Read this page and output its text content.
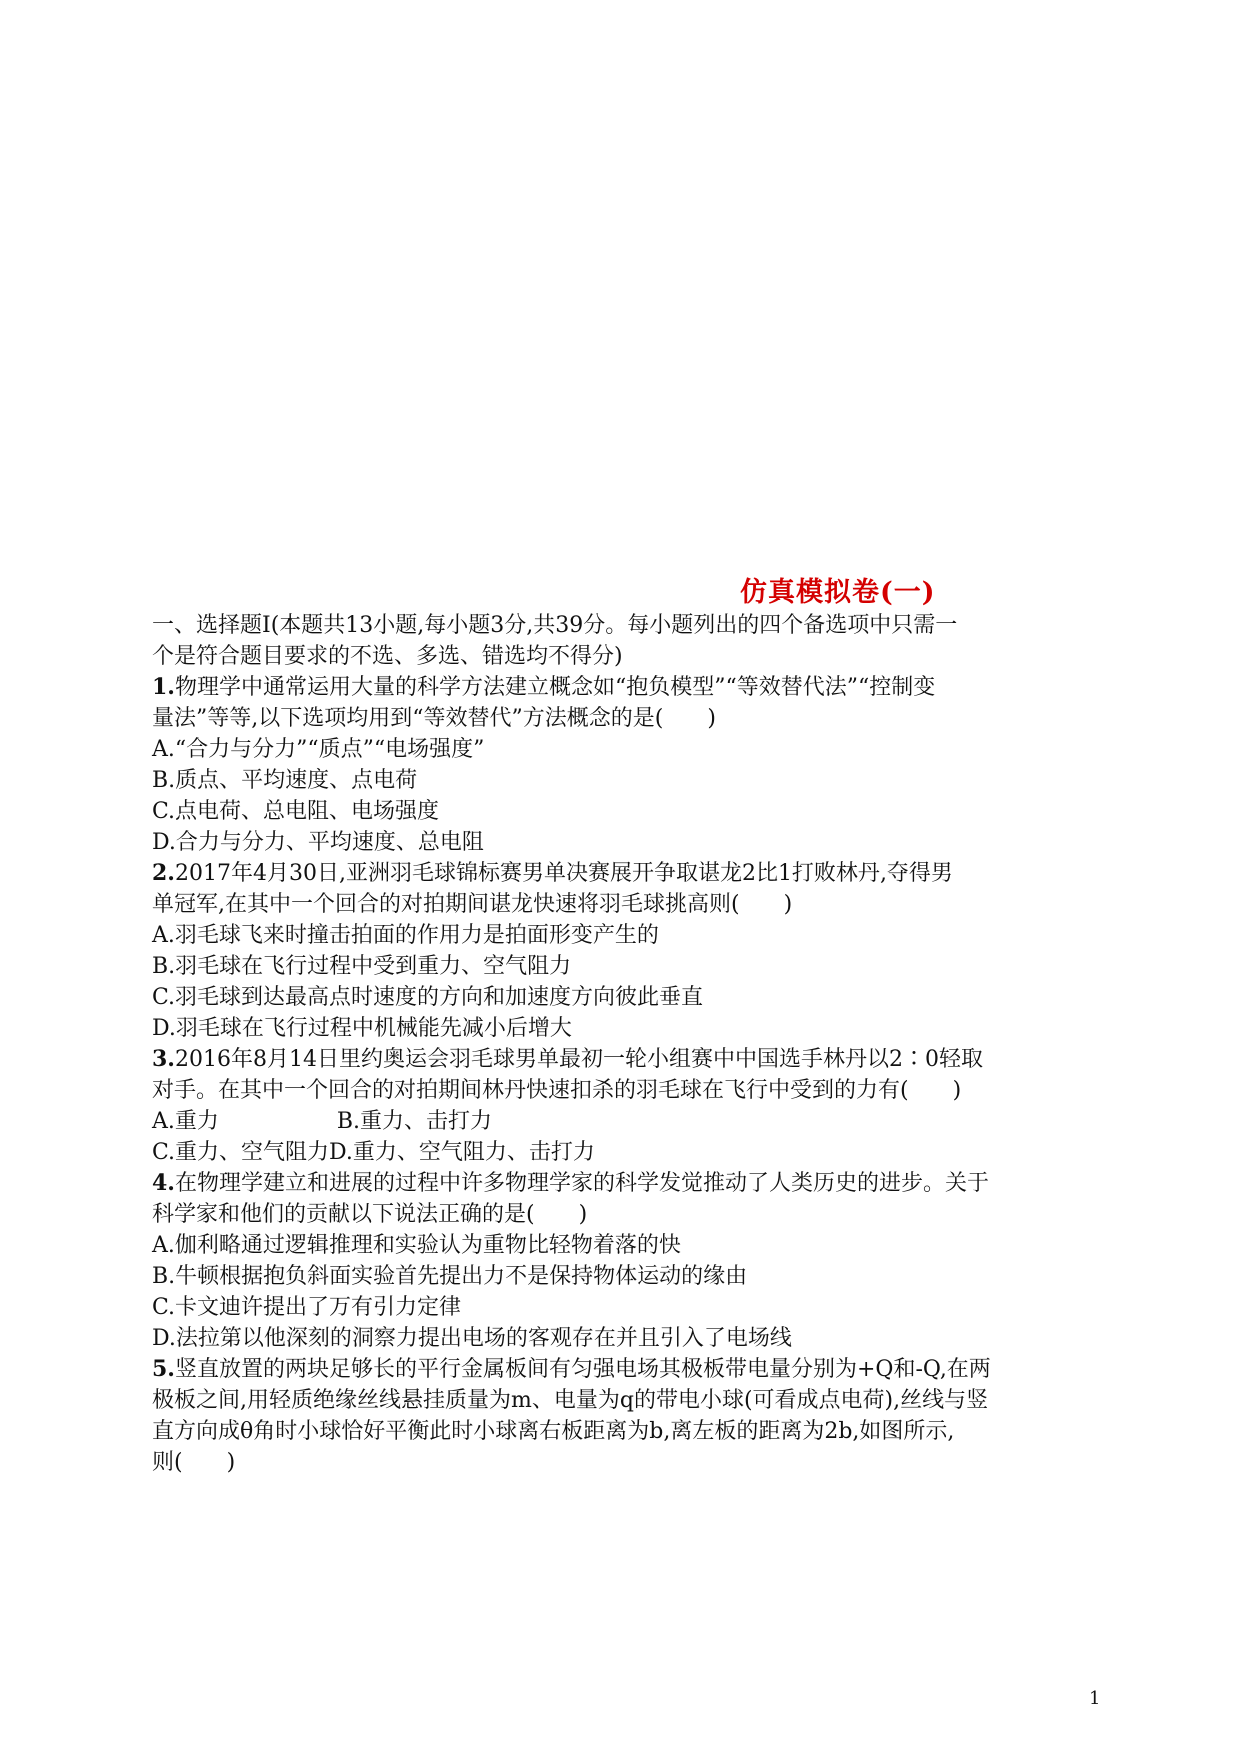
仿真模拟卷(一)
一、选择题Ⅰ(本题共13小题,每小题3分,共39分。每小题列出的四个备选项中只需一
个是符合题目要求的不选、多选、错选均不得分)
1.物理学中通常运用大量的科学方法建立概念如“抱负模型”“等效替代法”“控制变
量法”等等,以下选项均用到“等效替代”方法概念的是(　　)
A.“合力与分力”“质点”“电场强度”
B.质点、平均速度、点电荷
C.点电荷、总电阻、电场强度
D.合力与分力、平均速度、总电阻
2.2017年4月30日,亚洲羽毛球锦标赛男单决赛展开争取谌龙2比1打败林丹,夺得男
单冠军,在其中一个回合的对拍期间谌龙快速将羽毛球挑高则(　　)
A.羽毛球飞来时撞击拍面的作用力是拍面形变产生的
B.羽毛球在飞行过程中受到重力、空气阻力
C.羽毛球到达最高点时速度的方向和加速度方向彼此垂直
D.羽毛球在飞行过程中机械能先减小后增大
3.2016年8月14日里约奥运会羽毛球男单最初一轮小组赛中中国选手林丹以2∶0轻取
对手。在其中一个回合的对拍期间林丹快速扣杀的羽毛球在飞行中受到的力有(　　)
A.重力	B.重力、击打力
C.重力、空气阻力D.重力、空气阻力、击打力
4.在物理学建立和进展的过程中许多物理学家的科学发觉推动了人类历史的进步。关于
科学家和他们的贡献以下说法正确的是(　　)
A.伽利略通过逻辑推理和实验认为重物比轻物着落的快
B.牛顿根据抱负斜面实验首先提出力不是保持物体运动的缘由
C.卡文迪许提出了万有引力定律
D.法拉第以他深刻的洞察力提出电场的客观存在并且引入了电场线
5.竖直放置的两块足够长的平行金属板间有匀强电场其极板带电量分别为+Q和-Q,在两
极板之间,用轻质绝缘丝线悬挂质量为m、电量为q的带电小球(可看成点电荷),丝线与竖
直方向成θ角时小球恰好平衡此时小球离右板距离为b,离左板的距离为2b,如图所示,
则(　　)
1
